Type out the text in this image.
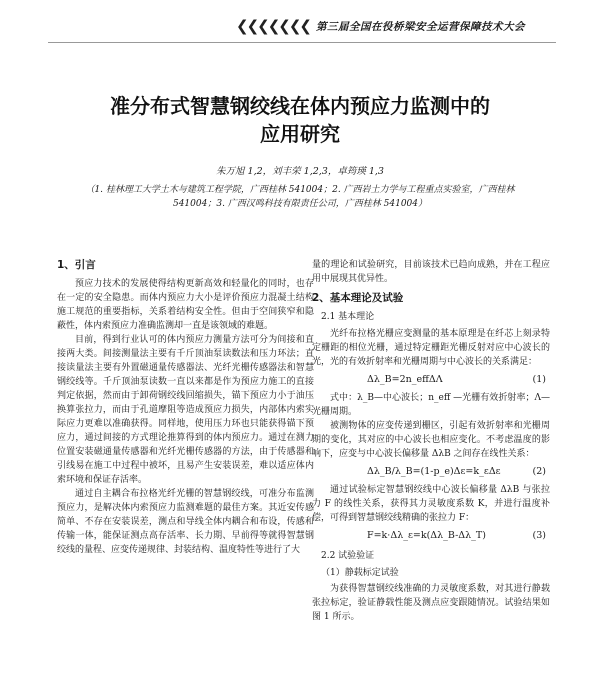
❮❮❮❮❮❮❮ 第三届全国在役桥梁安全运营保障技术大会
准分布式智慧钢绞线在体内预应力监测中的
应用研究
朱万旭 1,2，刘丰荣 1,2,3，卓筠瑛 1,3
（1. 桂林理工大学土木与建筑工程学院，广西桂林 541004；2. 广西岩土力学与工程重点实验室，广西桂林
541004；3. 广西汉鸣科技有限责任公司，广西桂林 541004）
1、引言

预应力技术的发展使得结构更新高效和轻量化的同时，也存在一定的安全隐患。而体内预应力大小是评价预应力混凝土结构施工规范的重要指标，关系着结构安全性。但由于空间狭窄和隐蔽性，体内索预应力准确监测却一直是该领域的难题。

目前，得到行业认可的体内预应力测量方法可分为间接和直接两大类。间接测量法主要有千斤顶油泵读数法和压力环法；直接读量法主要有外置磁通量传感器法、光纤光栅传感器法和智慧钢绞线等。千斤顶油泵读数一直以来都是作为预应力施工的直接判定依据，然而由于卸荷钢绞线回缩损失，锚下预应力小于油压换算张拉力，而由于孔道摩阻等造成预应力损失，内部体内索实际应力更难以准确获得。同样地，使用压力环也只能获得锚下预应力，通过间接的方式理论推算得到的体内预应力。通过在测力位置安装磁通量传感器和光纤光栅传感器的方法，由于传感器和引线易在施工中过程中被坏，且易产生安装误差，难以适应体内索环境和保证存活率。

通过自主耦合布拉格光纤光栅的智慧钢绞线，可准分布监测预应力，是解决体内索预应力监测难题的最佳方案。其近安传感简单、不存在安装误差，测点和导线全体内耦合和布设，传感和传输一体，能保证测点高存活率、长力期、早前得等就得智慧钢绞线的量程、应变传递规律、封装结构、温度特性等进行了大

量的理论和试验研究，目前该技术已趋向成熟，并在工程应用中展现其优异性。

2、基本理论及试验
2.1 基本理论

光纤布拉格光栅应变测量的基本原理是在纤芯上刻录特定栅距的相位光栅，通过特定栅距光栅反射对应中心波长的光，光的有效折射率和光栅周期与中心波长的关系满足：

Δλ_B=2n_effΔΛ	(1)

式中：λ_B—中心波长；n_eff —光栅有效折射率；Λ—光栅周期。

被测物体的应变传递到栅区，引起有效折射率和光栅周期的变化，其对应的中心波长也相应变化。不考虑温度的影响下，应变与中心波长偏移量 ΔλB 之间存在线性关系：

Δλ_B/λ_B=(1-p_e)Δε=k_εΔε	(2)

通过试验标定智慧钢绞线中心波长偏移量 ΔλB 与张拉力 F 的线性关系，获得其力灵敏度系数 K，并进行温度补偿，可得到智慧钢绞线精确的张拉力 F：

F=k·Δλ_ε=k(Δλ_B-Δλ_T)	(3)
2.2 试验验证
（1）静载标定试验

为获得智慧钢绞线准确的力灵敏度系数，对其进行静载张拉标定，验证静载性能及测点应变跟随情况。试验结果如图 1 所示。
